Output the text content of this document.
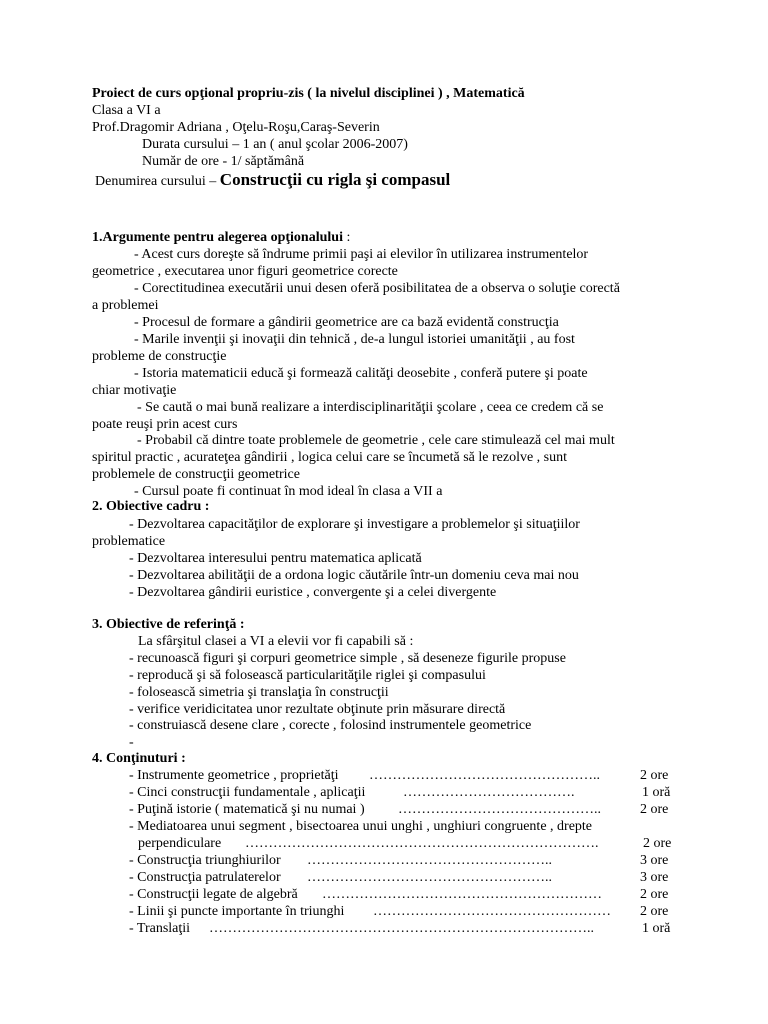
Proiect de curs opţional propriu-zis ( la nivelul disciplinei ) , Matematică
Clasa a VI a
Prof.Dragomir Adriana , Oţelu-Roşu,Caraş-Severin
Durata cursului – 1 an ( anul şcolar 2006-2007)
Număr de ore - 1/ săptămână
Denumirea cursului – Construcţii cu rigla şi compasul
1.Argumente pentru alegerea opţionalului :
- Acest curs doreşte să îndrume primii paşi ai elevilor în utilizarea instrumentelor
geometrice , executarea unor figuri geometrice corecte
- Corectitudinea executării unui desen oferă posibilitatea de a observa o soluţie corectă
a problemei
- Procesul de formare a gândirii geometrice are ca bază evidentă construcţia
- Marile invenţii şi inovaţii din tehnică , de-a lungul istoriei umanităţii , au fost
probleme de construcţie
- Istoria matematicii educă şi formează calităţi deosebite , conferă putere şi poate
chiar motivaţie
- Se caută o mai bună realizare a interdisciplinarităţii şcolare , ceea ce credem că se
poate reuşi prin acest curs
- Probabil că dintre toate problemele de geometrie , cele care stimulează cel mai mult
spiritul practic , acurateţea gândirii , logica celui care se încumetă să le rezolve , sunt
problemele de construcţii geometrice
- Cursul poate fi continuat în mod ideal în clasa a VII a
2. Obiective cadru :
- Dezvoltarea capacităţilor de explorare şi investigare a problemelor şi situaţiilor
problematice
- Dezvoltarea interesului pentru matematica aplicată
- Dezvoltarea abilităţii de a ordona logic căutările într-un domeniu ceva mai nou
- Dezvoltarea gândirii euristice , convergente şi a celei divergente
3. Obiective de referinţă :
La sfârşitul clasei a VI a elevii vor fi capabili să :
- recunoască figuri şi corpuri geometrice simple , să deseneze figurile propuse
- reproducă şi să folosească particularităţile riglei şi compasului
- folosească simetria şi translaţia în construcţii
- verifice veridicitatea unor rezultate obţinute prin măsurare directă
- construiască desene clare , corecte , folosind instrumentele geometrice
-
4. Conţinuturi :
- Instrumente geometrice , proprietăţi …………………………………………..	2 ore
- Cinci construcţii fundamentale , aplicaţii	……………………………….	1 oră
- Puţină istorie ( matematică şi nu numai ) ……………………………………..	2 ore
- Mediatoarea unui segment , bisectoarea unui unghi , unghiuri congruente , drepte
perpendiculare ………………………………………………………………….	2 ore
- Construcţia triunghiurilor ……………………………………………..	3 ore
- Construcţia patrulaterelor ……………………………………………..	3 ore
- Construcţii legate de algebră ……………………………………………………	2 ore
- Linii şi puncte importante în triunghi …………………………………………… 2 ore
- Translaţii ………………………………………………………………………..	1 oră
